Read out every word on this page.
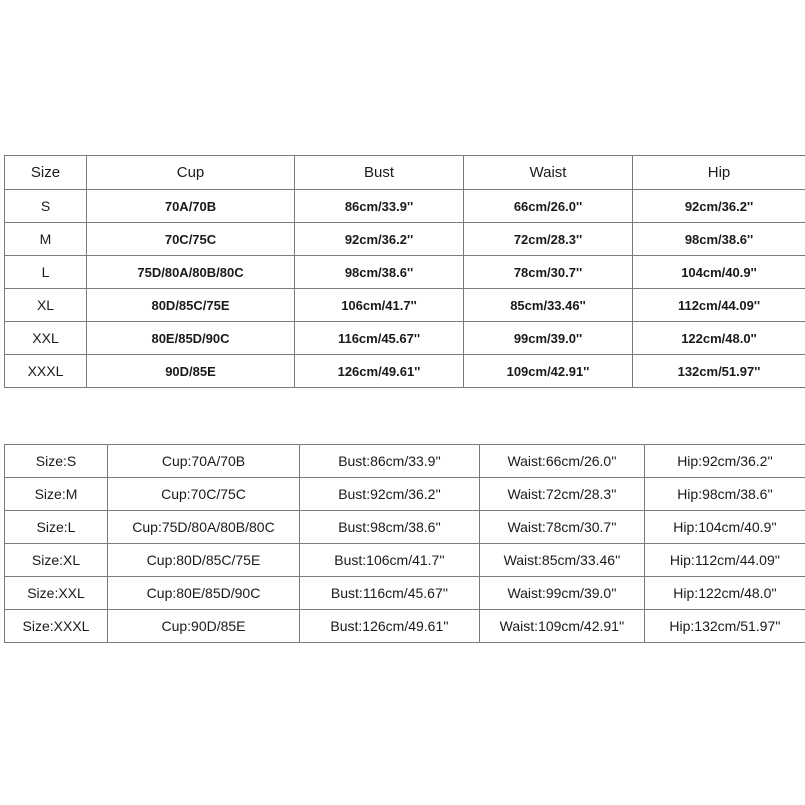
Size	Cup	Bust	Waist	Hip
S	70A/70B	86cm/33.9''	66cm/26.0''	92cm/36.2''
M	70C/75C	92cm/36.2''	72cm/28.3''	98cm/38.6''
L	75D/80A/80B/80C	98cm/38.6''	78cm/30.7''	104cm/40.9''
XL	80D/85C/75E	106cm/41.7''	85cm/33.46''	112cm/44.09''
XXL	80E/85D/90C	116cm/45.67''	99cm/39.0''	122cm/48.0''
XXXL	90D/85E	126cm/49.61''	109cm/42.91''	132cm/51.97''
Size:S	Cup:70A/70B	Bust:86cm/33.9''	Waist:66cm/26.0''	Hip:92cm/36.2''
Size:M	Cup:70C/75C	Bust:92cm/36.2''	Waist:72cm/28.3''	Hip:98cm/38.6''
Size:L	Cup:75D/80A/80B/80C	Bust:98cm/38.6''	Waist:78cm/30.7''	Hip:104cm/40.9''
Size:XL	Cup:80D/85C/75E	Bust:106cm/41.7''	Waist:85cm/33.46''	Hip:112cm/44.09''
Size:XXL	Cup:80E/85D/90C	Bust:116cm/45.67''	Waist:99cm/39.0''	Hip:122cm/48.0''
Size:XXXL	Cup:90D/85E	Bust:126cm/49.61''	Waist:109cm/42.91''	Hip:132cm/51.97''
